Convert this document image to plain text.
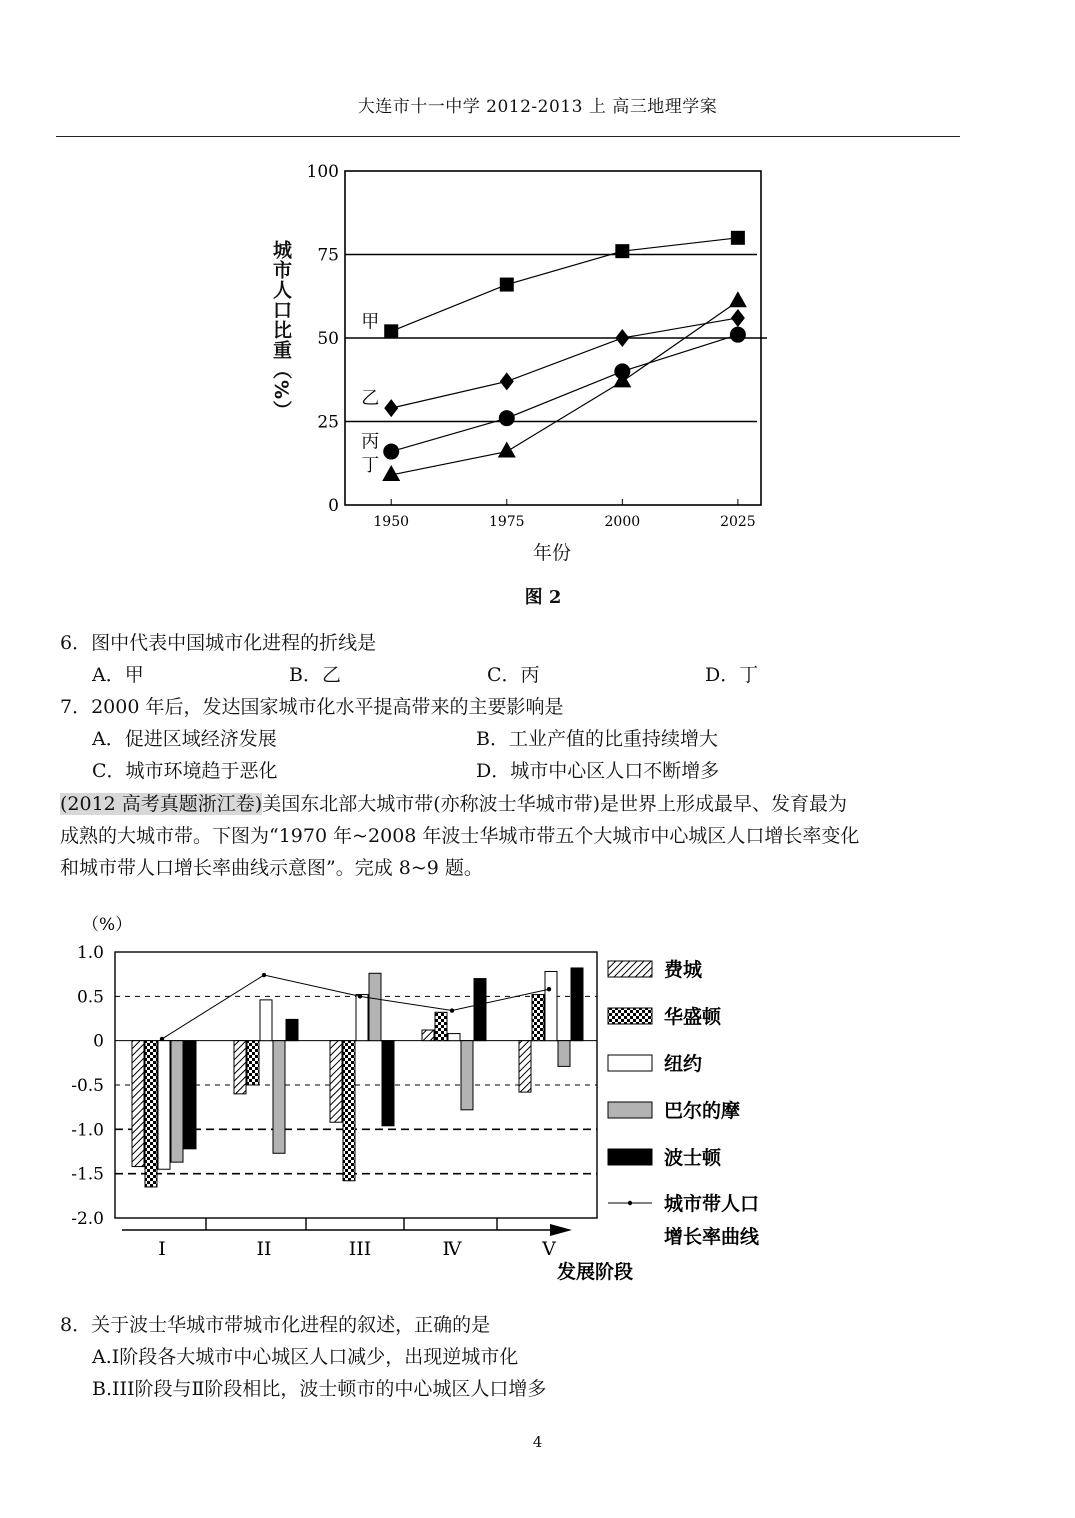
大连市十一中学 2012-2013 上 高三地理学案
0
25
50
75
100
1950	1975	2000	2025
甲
乙
丙
丁
城市人口比重（%）
年份
图 2
6．图中代表中国城市化进程的折线是
A．甲	B．乙	C．丙	D．丁
7．2000 年后，发达国家城市化水平提高带来的主要影响是
A．促进区域经济发展	B．工业产值的比重持续增大
C．城市环境趋于恶化	D．城市中心区人口不断增多
(2012 高考真题浙江卷)美国东北部大城市带(亦称波士华城市带)是世界上形成最早、发育最为
成熟的大城市带。下图为“1970 年~2008 年波士华城市带五个大城市中心城区人口增长率变化
和城市带人口增长率曲线示意图”。完成 8~9 题。
1.0
0.5
0
-0.5
-1.0
-1.5
-2.0
（%）
I	II	III	Ⅳ	V
发展阶段
费城
华盛顿
纽约
巴尔的摩
波士顿
城市带人口
增长率曲线
8．关于波士华城市带城市化进程的叙述，正确的是
A.Ⅰ阶段各大城市中心城区人口减少，出现逆城市化
B.III阶段与Ⅱ阶段相比，波士顿市的中心城区人口增多
4
